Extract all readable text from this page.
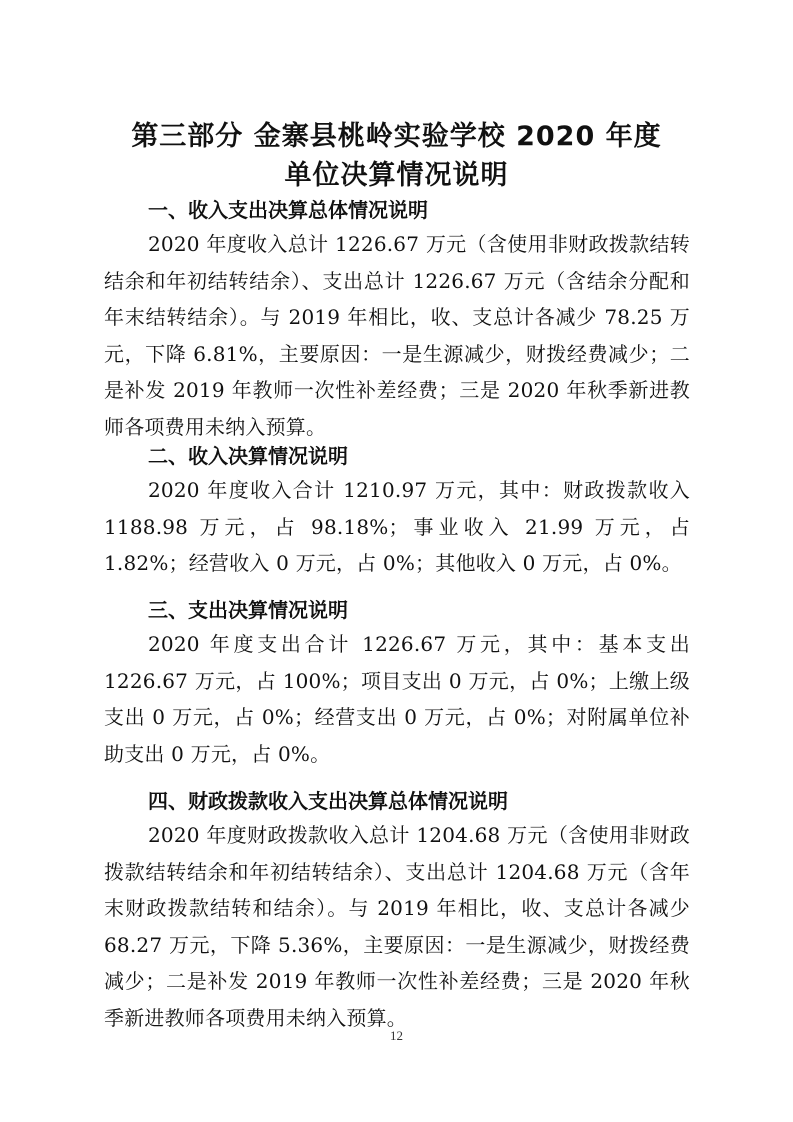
第三部分 金寨县桃岭实验学校 2020 年度
单位决算情况说明
一、收入支出决算总体情况说明

2020 年度收入总计 1226.67 万元（含使用非财政拨款结转结余和年初结转结余）、支出总计 1226.67 万元（含结余分配和年末结转结余）。与 2019 年相比，收、支总计各减少 78.25 万元，下降 6.81%，主要原因：一是生源减少，财拨经费减少；二是补发 2019 年教师一次性补差经费；三是 2020 年秋季新进教师各项费用未纳入预算。

二、收入决算情况说明

2020 年度收入合计 1210.97 万元，其中：财政拨款收入 1188.98 万元，占 98.18%；事业收入 21.99 万元，占 1.82%；经营收入 0 万元，占 0%；其他收入 0 万元，占 0%。

三、支出决算情况说明

2020 年度支出合计 1226.67 万元，其中：基本支出 1226.67 万元，占 100%；项目支出 0 万元，占 0%；上缴上级支出 0 万元，占 0%；经营支出 0 万元，占 0%；对附属单位补助支出 0 万元，占 0%。

四、财政拨款收入支出决算总体情况说明

2020 年度财政拨款收入总计 1204.68 万元（含使用非财政拨款结转结余和年初结转结余）、支出总计 1204.68 万元（含年末财政拨款结转和结余）。与 2019 年相比，收、支总计各减少 68.27 万元，下降 5.36%，主要原因：一是生源减少，财拨经费减少；二是补发 2019 年教师一次性补差经费；三是 2020 年秋季新进教师各项费用未纳入预算。

12
